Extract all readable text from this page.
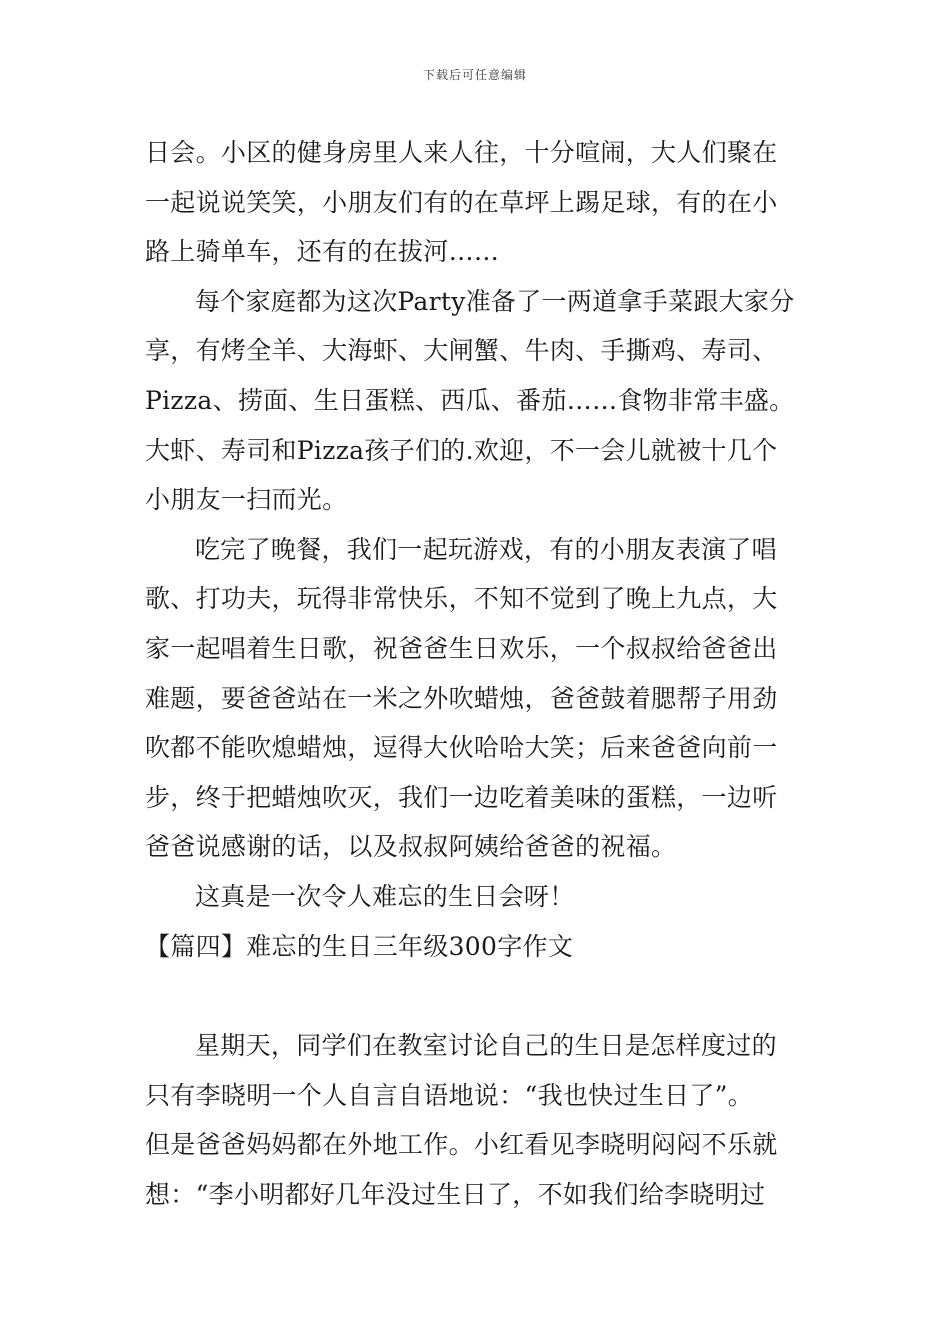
下载后可任意编辑
日会。小区的健身房里人来人往，十分喧闹，大人们聚在
一起说说笑笑，小朋友们有的在草坪上踢足球，有的在小
路上骑单车，还有的在拔河……
每个家庭都为这次Party准备了一两道拿手菜跟大家分
享，有烤全羊、大海虾、大闸蟹、牛肉、手撕鸡、寿司、
Pizza、捞面、生日蛋糕、西瓜、番茄……食物非常丰盛。
大虾、寿司和Pizza孩子们的.欢迎，不一会儿就被十几个
小朋友一扫而光。
吃完了晚餐，我们一起玩游戏，有的小朋友表演了唱
歌、打功夫，玩得非常快乐，不知不觉到了晚上九点，大
家一起唱着生日歌，祝爸爸生日欢乐，一个叔叔给爸爸出
难题，要爸爸站在一米之外吹蜡烛，爸爸鼓着腮帮子用劲
吹都不能吹熄蜡烛，逗得大伙哈哈大笑；后来爸爸向前一
步，终于把蜡烛吹灭，我们一边吃着美味的蛋糕，一边听
爸爸说感谢的话，以及叔叔阿姨给爸爸的祝福。
这真是一次令人难忘的生日会呀！
【篇四】难忘的生日三年级300字作文
星期天，同学们在教室讨论自己的生日是怎样度过的
只有李晓明一个人自言自语地说：“我也快过生日了”。
但是爸爸妈妈都在外地工作。小红看见李晓明闷闷不乐就
想：“李小明都好几年没过生日了，不如我们给李晓明过
